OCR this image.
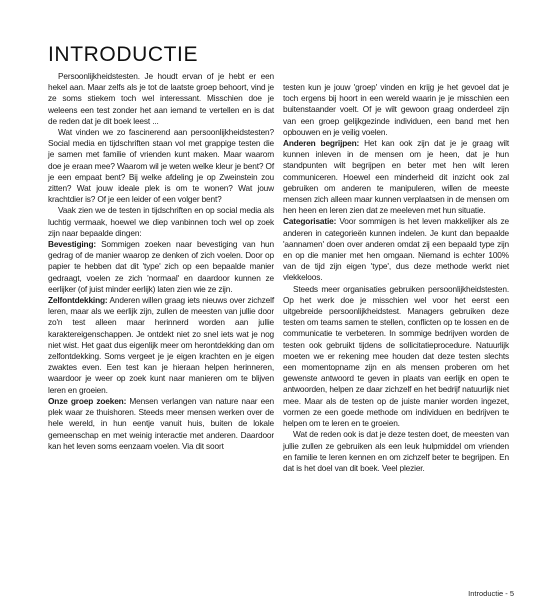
INTRODUCTIE

Persoonlijkheidstesten. Je houdt ervan of je hebt er een hekel aan. Maar zelfs als je tot de laatste groep behoort, vind je ze soms stiekem toch wel interessant. Misschien doe je weleens een test zonder het aan iemand te vertellen en is dat de reden dat je dit boek leest ...

Wat vinden we zo fascinerend aan persoonlijkheidstesten? Social media en tijdschriften staan vol met grappige testen die je samen met familie of vrienden kunt maken. Maar waarom doe je eraan mee? Waarom wil je weten welke kleur je bent? Of je een empaat bent? Bij welke afdeling je op Zweinstein zou zitten? Wat jouw ideale plek is om te wonen? Wat jouw krachtdier is? Of je een leider of een volger bent?

Vaak zien we de testen in tijdschriften en op social media als luchtig vermaak, hoewel we diep vanbinnen toch wel op zoek zijn naar bepaalde dingen:

Bevestiging: Sommigen zoeken naar bevestiging van hun gedrag of de manier waarop ze denken of zich voelen. Door op papier te hebben dat dit 'type' zich op een bepaalde manier gedraagt, voelen ze zich 'normaal' en daardoor kunnen ze eerlijker (of juist minder eerlijk) laten zien wie ze zijn.

Zelfontdekking: Anderen willen graag iets nieuws over zichzelf leren, maar als we eerlijk zijn, zullen de meesten van jullie door zo'n test alleen maar herinnerd worden aan jullie karaktereigenschappen. Je ontdekt niet zo snel iets wat je nog niet wist. Het gaat dus eigenlijk meer om herontdekking dan om zelfontdekking. Soms vergeet je je eigen krachten en je eigen zwaktes even. Een test kan je hieraan helpen herinneren, waardoor je weer op zoek kunt naar manieren om te blijven leren en groeien.

Onze groep zoeken: Mensen verlangen van nature naar een plek waar ze thuishoren. Steeds meer mensen werken over de hele wereld, in hun eentje vanuit huis, buiten de lokale gemeenschap en met weinig interactie met anderen. Daardoor kan het leven soms eenzaam voelen. Via dit soort

testen kun je jouw 'groep' vinden en krijg je het gevoel dat je toch ergens bij hoort in een wereld waarin je je misschien een buitenstaander voelt. Of je wilt gewoon graag onderdeel zijn van een groep gelijkgezinde individuen, een band met hen opbouwen en je veilig voelen.

Anderen begrijpen: Het kan ook zijn dat je je graag wilt kunnen inleven in de mensen om je heen, dat je hun standpunten wilt begrijpen en beter met hen wilt leren communiceren. Hoewel een minderheid dit inzicht ook zal gebruiken om anderen te manipuleren, willen de meeste mensen zich alleen maar kunnen verplaatsen in de mensen om hen heen en leren zien dat ze meeleven met hun situatie.

Categorisatie: Voor sommigen is het leven makkelijker als ze anderen in categorieën kunnen indelen. Je kunt dan bepaalde 'aannamen' doen over anderen omdat zij een bepaald type zijn en op die manier met hen omgaan. Niemand is echter 100% van de tijd zijn eigen 'type', dus deze methode werkt niet vlekkeloos.

Steeds meer organisaties gebruiken persoonlijkheidstesten. Op het werk doe je misschien wel voor het eerst een uitgebreide persoonlijkheidstest. Managers gebruiken deze testen om teams samen te stellen, conflicten op te lossen en de communicatie te verbeteren. In sommige bedrijven worden de testen ook gebruikt tijdens de sollicitatieprocedure. Natuurlijk moeten we er rekening mee houden dat deze testen slechts een momentopname zijn en als mensen proberen om het gewenste antwoord te geven in plaats van eerlijk en open te antwoorden, helpen ze daar zichzelf en het bedrijf natuurlijk niet mee. Maar als de testen op de juiste manier worden ingezet, vormen ze een goede methode om individuen en bedrijven te helpen om te leren en te groeien.

Wat de reden ook is dat je deze testen doet, de meesten van jullie zullen ze gebruiken als een leuk hulpmiddel om vrienden en familie te leren kennen en om zichzelf beter te begrijpen. En dat is het doel van dit boek. Veel plezier.

Introductie - 5
